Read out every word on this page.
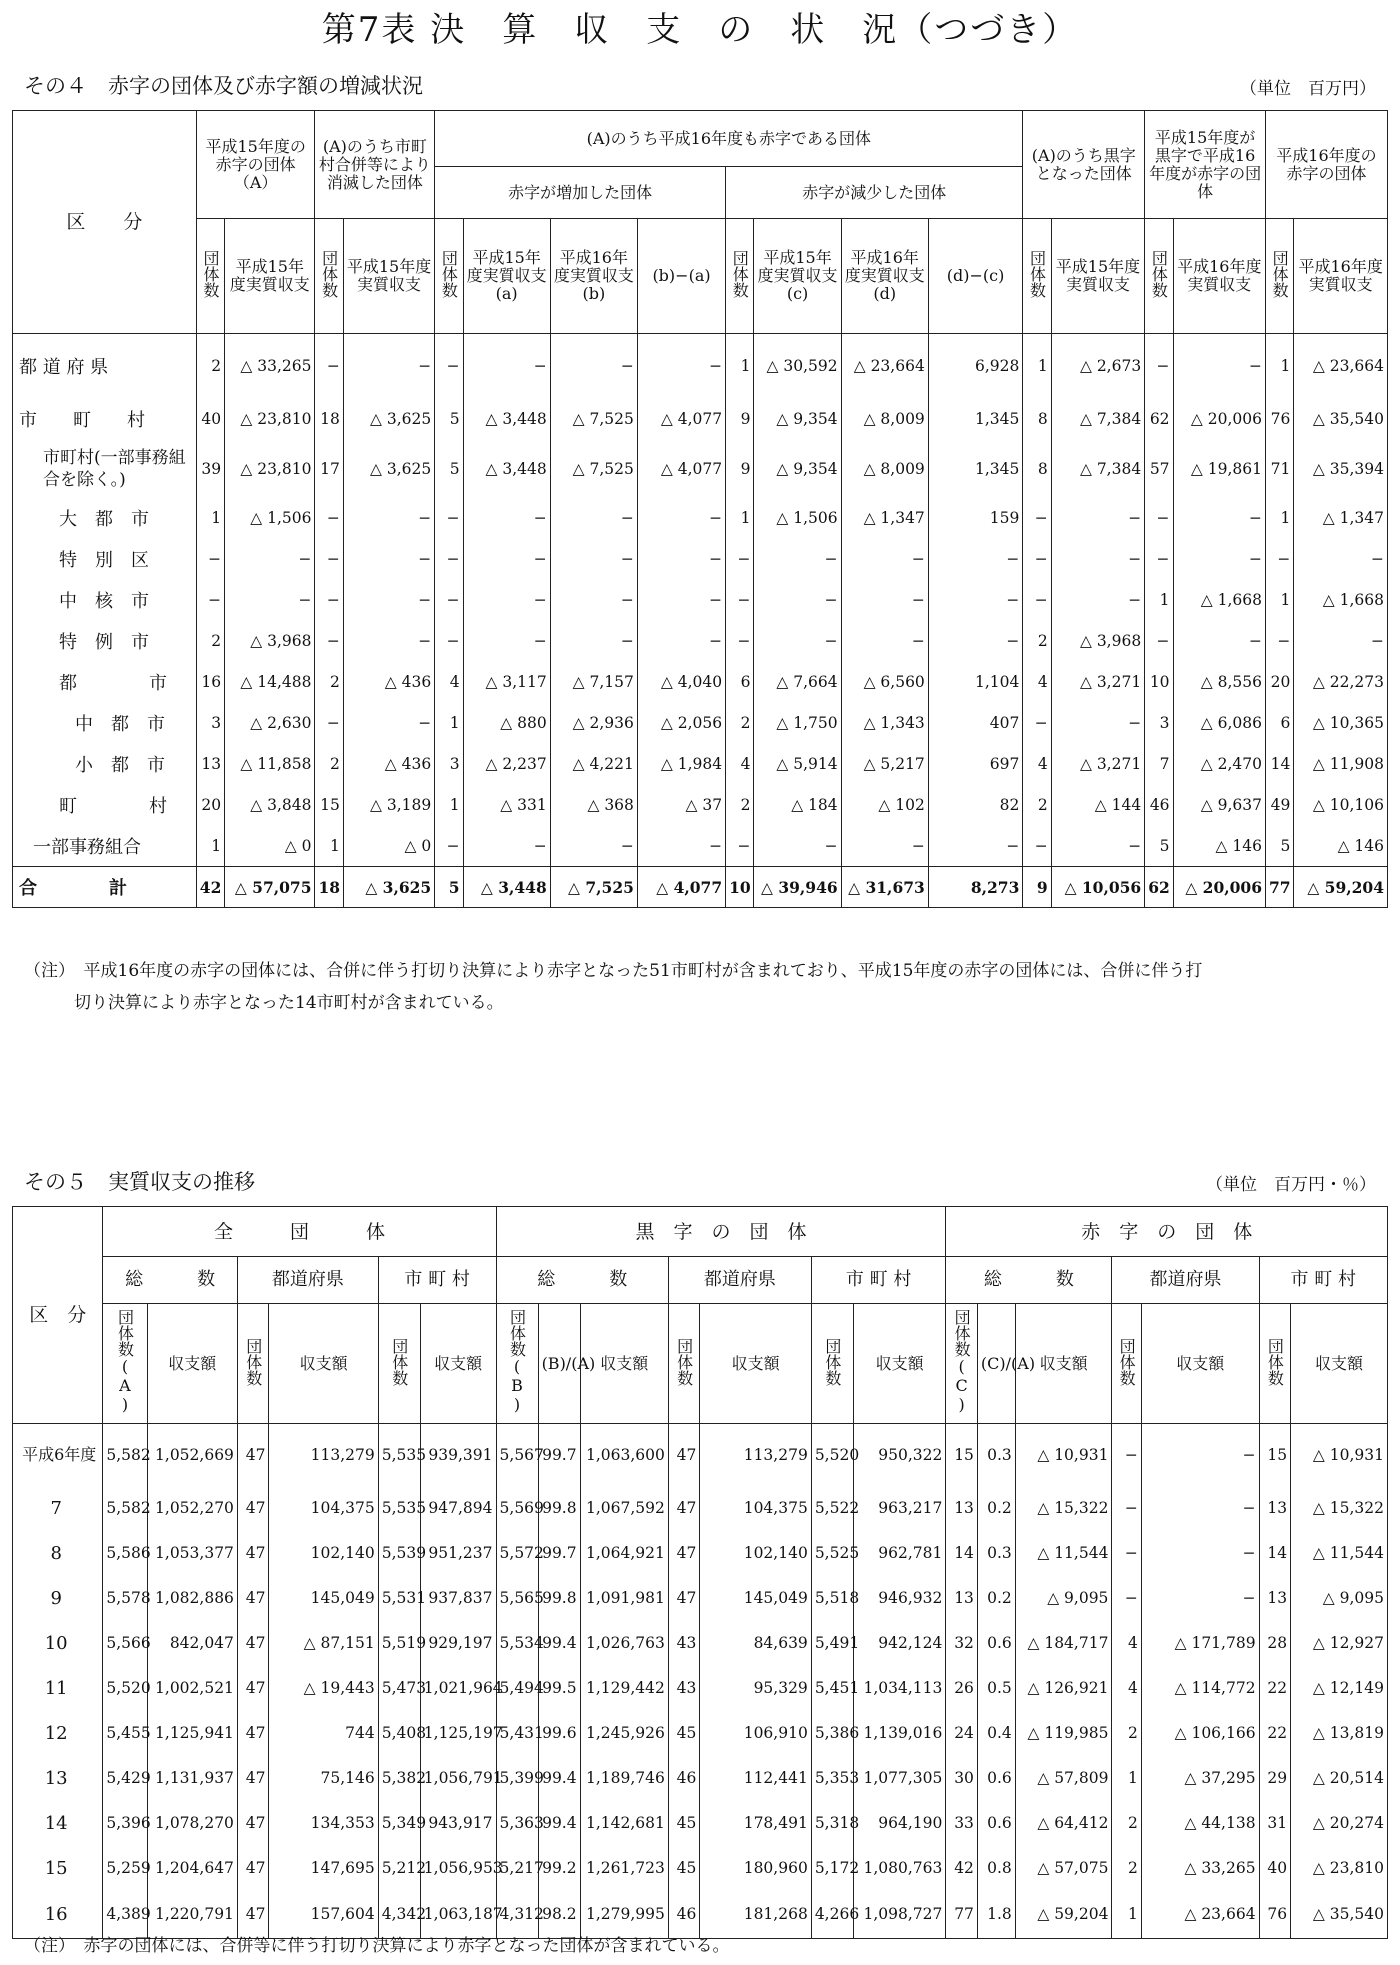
第7表 決　算　収　支　の　状　況（つづき）
その４　赤字の団体及び赤字額の増減状況	（単位　百万円）
区　　分	平成15年度の赤字の団体（A）		(A)のうち市町村合併等により消滅した団体		(A)のうち平成16年度も赤字である団体								(A)のうち黒字となった団体		平成15年度が黒字で平成16年度が赤字の団体		平成16年度の赤字の団体	
					赤字が増加した団体				赤字が減少した団体									
	団体数	平成15年度実質収支	団体数	平成15年度実質収支	団体数	平成15年度実質収支(a)	平成16年度実質収支(b)	(b)−(a)	団体数	平成15年度実質収支(c)	平成16年度実質収支(d)	(d)−(c)	団体数	平成15年度実質収支	団体数	平成16年度実質収支	団体数	平成16年度実質収支
都 道 府 県	2	△ 33,265	−	−	−	−	−	−	1	△ 30,592	△ 23,664	6,928	1	△ 2,673	−	−	1	△ 23,664
市　　町　　村	40	△ 23,810	18	△ 3,625	5	△ 3,448	△ 7,525	△ 4,077	9	△ 9,354	△ 8,009	1,345	8	△ 7,384	62	△ 20,006	76	△ 35,540
市町村(一部事務組合を除く。)	39	△ 23,810	17	△ 3,625	5	△ 3,448	△ 7,525	△ 4,077	9	△ 9,354	△ 8,009	1,345	8	△ 7,384	57	△ 19,861	71	△ 35,394
大　都　市	1	△ 1,506	−	−	−	−	−	−	1	△ 1,506	△ 1,347	159	−	−	−	−	1	△ 1,347
特　別　区	−	−	−	−	−	−	−	−	−	−	−	−	−	−	−	−	−	−
中　核　市	−	−	−	−	−	−	−	−	−	−	−	−	−	−	1	△ 1,668	1	△ 1,668
特　例　市	2	△ 3,968	−	−	−	−	−	−	−	−	−	−	2	△ 3,968	−	−	−	−
都　　　　市	16	△ 14,488	2	△ 436	4	△ 3,117	△ 7,157	△ 4,040	6	△ 7,664	△ 6,560	1,104	4	△ 3,271	10	△ 8,556	20	△ 22,273
中　都　市	3	△ 2,630	−	−	1	△ 880	△ 2,936	△ 2,056	2	△ 1,750	△ 1,343	407	−	−	3	△ 6,086	6	△ 10,365
小　都　市	13	△ 11,858	2	△ 436	3	△ 2,237	△ 4,221	△ 1,984	4	△ 5,914	△ 5,217	697	4	△ 3,271	7	△ 2,470	14	△ 11,908
町　　　　村	20	△ 3,848	15	△ 3,189	1	△ 331	△ 368	△ 37	2	△ 184	△ 102	82	2	△ 144	46	△ 9,637	49	△ 10,106
一部事務組合	1	△ 0	1	△ 0	−	−	−	−	−	−	−	−	−	−	5	△ 146	5	△ 146
合　　　　計	42	△ 57,075	18	△ 3,625	5	△ 3,448	△ 7,525	△ 4,077	10	△ 39,946	△ 31,673	8,273	9	△ 10,056	62	△ 20,006	77	△ 59,204
（注）　平成16年度の赤字の団体には、合併に伴う打切り決算により赤字となった51市町村が含まれており、平成15年度の赤字の団体には、合併に伴う打
切り決算により赤字となった14市町村が含まれている。
その５　実質収支の推移	（単位　百万円・％）
区　分	全　　　団　　　体						黒　字　の　団　体							赤　字　の　団　体						
	総　　　数		都道府県		市 町 村		総　　　数			都道府県		市 町 村		総　　　数			都道府県		市 町 村	
	団体数(A)	収支額	団体数	収支額	団体数	収支額	団体数(B)	(B)/(A)	収支額	団体数	収支額	団体数	収支額	団体数(C)	(C)/(A)	収支額	団体数	収支額	団体数	収支額
平成6年度	5,582	1,052,669	47	113,279	5,535	939,391	5,567	99.7	1,063,600	47	113,279	5,520	950,322	15	0.3	△ 10,931	−	−	15	△ 10,931
7	5,582	1,052,270	47	104,375	5,535	947,894	5,569	99.8	1,067,592	47	104,375	5,522	963,217	13	0.2	△ 15,322	−	−	13	△ 15,322
8	5,586	1,053,377	47	102,140	5,539	951,237	5,572	99.7	1,064,921	47	102,140	5,525	962,781	14	0.3	△ 11,544	−	−	14	△ 11,544
9	5,578	1,082,886	47	145,049	5,531	937,837	5,565	99.8	1,091,981	47	145,049	5,518	946,932	13	0.2	△ 9,095	−	−	13	△ 9,095
10	5,566	842,047	47	△ 87,151	5,519	929,197	5,534	99.4	1,026,763	43	84,639	5,491	942,124	32	0.6	△ 184,717	4	△ 171,789	28	△ 12,927
11	5,520	1,002,521	47	△ 19,443	5,473	1,021,964	5,494	99.5	1,129,442	43	95,329	5,451	1,034,113	26	0.5	△ 126,921	4	△ 114,772	22	△ 12,149
12	5,455	1,125,941	47	744	5,408	1,125,197	5,431	99.6	1,245,926	45	106,910	5,386	1,139,016	24	0.4	△ 119,985	2	△ 106,166	22	△ 13,819
13	5,429	1,131,937	47	75,146	5,382	1,056,791	5,399	99.4	1,189,746	46	112,441	5,353	1,077,305	30	0.6	△ 57,809	1	△ 37,295	29	△ 20,514
14	5,396	1,078,270	47	134,353	5,349	943,917	5,363	99.4	1,142,681	45	178,491	5,318	964,190	33	0.6	△ 64,412	2	△ 44,138	31	△ 20,274
15	5,259	1,204,647	47	147,695	5,212	1,056,953	5,217	99.2	1,261,723	45	180,960	5,172	1,080,763	42	0.8	△ 57,075	2	△ 33,265	40	△ 23,810
16	4,389	1,220,791	47	157,604	4,342	1,063,187	4,312	98.2	1,279,995	46	181,268	4,266	1,098,727	77	1.8	△ 59,204	1	△ 23,664	76	△ 35,540
（注）　赤字の団体には、合併等に伴う打切り決算により赤字となった団体が含まれている。
